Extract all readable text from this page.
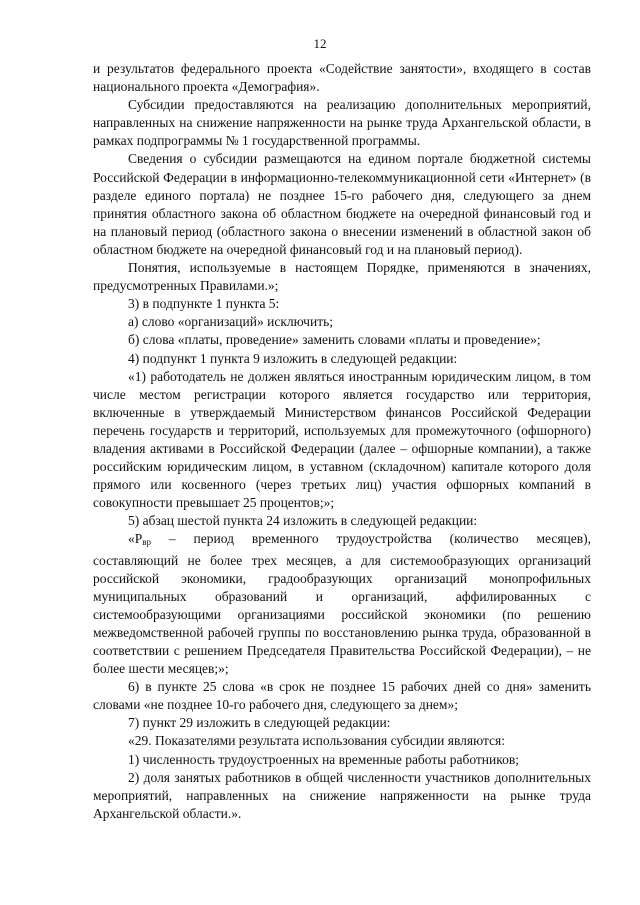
12

и результатов федерального проекта «Содействие занятости», входящего в состав национального проекта «Демография».

Субсидии предоставляются на реализацию дополнительных мероприятий, направленных на снижение напряженности на рынке труда Архангельской области, в рамках подпрограммы № 1 государственной программы.

Сведения о субсидии размещаются на едином портале бюджетной системы Российской Федерации в информационно-телекоммуникационной сети «Интернет» (в разделе единого портала) не позднее 15-го рабочего дня, следующего за днем принятия областного закона об областном бюджете на очередной финансовый год и на плановый период (областного закона о внесении изменений в областной закон об областном бюджете на очередной финансовый год и на плановый период).

Понятия, используемые в настоящем Порядке, применяются в значениях, предусмотренных Правилами.»;

3) в подпункте 1 пункта 5:

а) слово «организаций» исключить;

б) слова «платы, проведение» заменить словами «платы и проведение»;

4) подпункт 1 пункта 9 изложить в следующей редакции:

«1) работодатель не должен являться иностранным юридическим лицом, в том числе местом регистрации которого является государство или территория, включенные в утверждаемый Министерством финансов Российской Федерации перечень государств и территорий, используемых для промежуточного (офшорного) владения активами в Российской Федерации (далее – офшорные компании), а также российским юридическим лицом, в уставном (складочном) капитале которого доля прямого или косвенного (через третьих лиц) участия офшорных компаний в совокупности превышает 25 процентов;»;

5) абзац шестой пункта 24 изложить в следующей редакции:

«$Р_{вр}$ – период временного трудоустройства (количество месяцев), составляющий не более трех месяцев, а для системообразующих организаций российской экономики, градообразующих организаций монопрофильных муниципальных образований и организаций, аффилированных с системообразующими организациями российской экономики (по решению межведомственной рабочей группы по восстановлению рынка труда, образованной в соответствии с решением Председателя Правительства Российской Федерации), – не более шести месяцев;»;

6) в пункте 25 слова «в срок не позднее 15 рабочих дней со дня» заменить словами «не позднее 10-го рабочего дня, следующего за днем»;

7) пункт 29 изложить в следующей редакции:

«29. Показателями результата использования субсидии являются:

1) численность трудоустроенных на временные работы работников;

2) доля занятых работников в общей численности участников дополнительных мероприятий, направленных на снижение напряженности на рынке труда Архангельской области.».
